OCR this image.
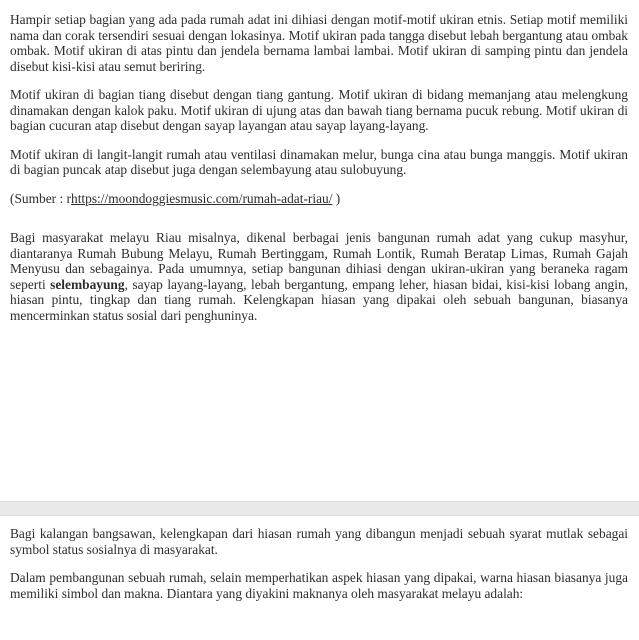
Hampir setiap bagian yang ada pada rumah adat ini dihiasi dengan motif-motif ukiran etnis. Setiap motif memiliki nama dan corak tersendiri sesuai dengan lokasinya. Motif ukiran pada tangga disebut lebah bergantung atau ombak ombak. Motif ukiran di atas pintu dan jendela bernama lambai lambai. Motif ukiran di samping pintu dan jendela disebut kisi-kisi atau semut beriring.

Motif ukiran di bagian tiang disebut dengan tiang gantung. Motif ukiran di bidang memanjang atau melengkung dinamakan dengan kalok paku. Motif ukiran di ujung atas dan bawah tiang bernama pucuk rebung. Motif ukiran di bagian cucuran atap disebut dengan sayap layangan atau sayap layang-layang.

Motif ukiran di langit-langit rumah atau ventilasi dinamakan melur, bunga cina atau bunga manggis. Motif ukiran di bagian puncak atap disebut juga dengan selembayung atau sulobuyung.

(Sumber : rhttps://moondoggiesmusic.com/rumah-adat-riau/ )

Bagi masyarakat melayu Riau misalnya, dikenal berbagai jenis bangunan rumah adat yang cukup masyhur, diantaranya Rumah Bubung Melayu, Rumah Bertinggam, Rumah Lontik, Rumah Beratap Limas, Rumah Gajah Menyusu dan sebagainya. Pada umumnya, setiap bangunan dihiasi dengan ukiran-ukiran yang beraneka ragam seperti selembayung, sayap layang-layang, lebah bergantung, empang leher, hiasan bidai, kisi-kisi lobang angin, hiasan pintu, tingkap dan tiang rumah. Kelengkapan hiasan yang dipakai oleh sebuah bangunan, biasanya mencerminkan status sosial dari penghuninya.

Bagi kalangan bangsawan, kelengkapan dari hiasan rumah yang dibangun menjadi sebuah syarat mutlak sebagai symbol status sosialnya di masyarakat.

Dalam pembangunan sebuah rumah, selain memperhatikan aspek hiasan yang dipakai, warna hiasan biasanya juga memiliki simbol dan makna. Diantara yang diyakini maknanya oleh masyarakat melayu adalah:
